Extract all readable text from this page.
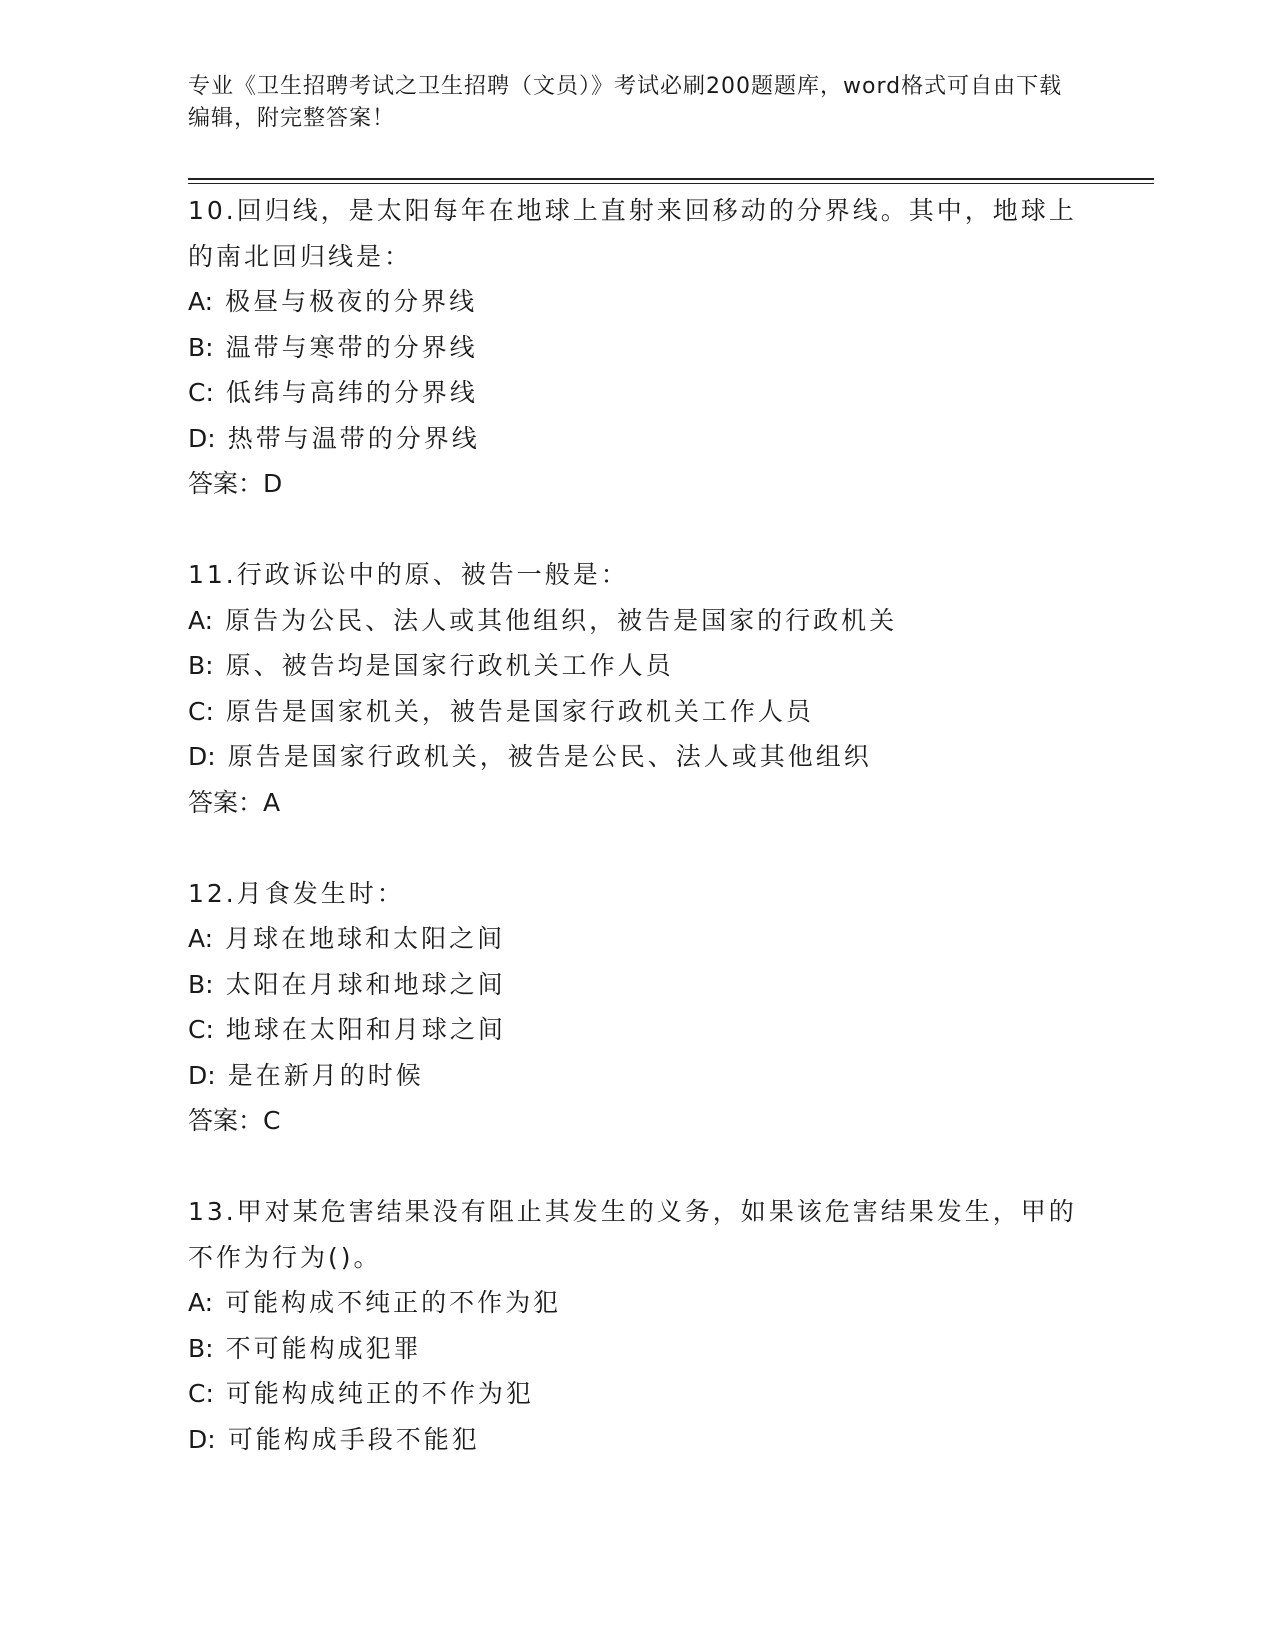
专业《卫生招聘考试之卫生招聘（文员）》考试必刷200题题库，word格式可自由下载编辑，附完整答案！

10.回归线，是太阳每年在地球上直射来回移动的分界线。其中，地球上的南北回归线是：

A: 极昼与极夜的分界线

B: 温带与寒带的分界线

C: 低纬与高纬的分界线

D: 热带与温带的分界线

答案：D

11.行政诉讼中的原、被告一般是：

A: 原告为公民、法人或其他组织，被告是国家的行政机关

B: 原、被告均是国家行政机关工作人员

C: 原告是国家机关，被告是国家行政机关工作人员

D: 原告是国家行政机关，被告是公民、法人或其他组织

答案：A

12.月食发生时：

A: 月球在地球和太阳之间

B: 太阳在月球和地球之间

C: 地球在太阳和月球之间

D: 是在新月的时候

答案：C

13.甲对某危害结果没有阻止其发生的义务，如果该危害结果发生，甲的不作为行为()。

A: 可能构成不纯正的不作为犯

B: 不可能构成犯罪

C: 可能构成纯正的不作为犯

D: 可能构成手段不能犯
